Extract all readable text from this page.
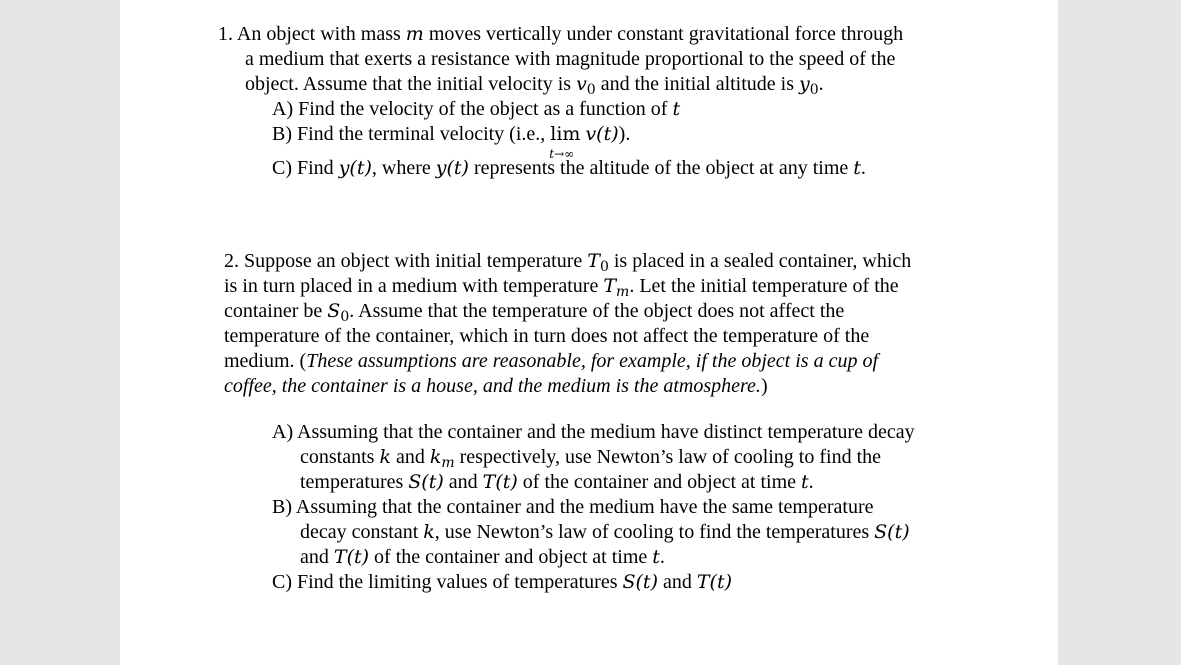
1. An object with mass m moves vertically under constant gravitational force through
a medium that exerts a resistance with magnitude proportional to the speed of the
object. Assume that the initial velocity is $v_0$ and the initial altitude is $y_0$.
A) Find the velocity of the object as a function of t
B) Find the terminal velocity (i.e., lim
t→∞
v(t)).
C) Find y(t), where y(t) represents the altitude of the object at any time t.
2. Suppose an object with initial temperature $T_0$ is placed in a sealed container, which
is in turn placed in a medium with temperature $T_m$. Let the initial temperature of the
container be $S_0$. Assume that the temperature of the object does not affect the
temperature of the container, which in turn does not affect the temperature of the
medium. (These assumptions are reasonable, for example, if the object is a cup of
coffee, the container is a house, and the medium is the atmosphere.)
A) Assuming that the container and the medium have distinct temperature decay
constants k and $k_m$ respectively, use Newton’s law of cooling to find the
temperatures S(t) and T(t) of the container and object at time t.
B) Assuming that the container and the medium have the same temperature
decay constant k, use Newton’s law of cooling to find the temperatures S(t)
and T(t) of the container and object at time t.
C) Find the limiting values of temperatures S(t) and T(t)
